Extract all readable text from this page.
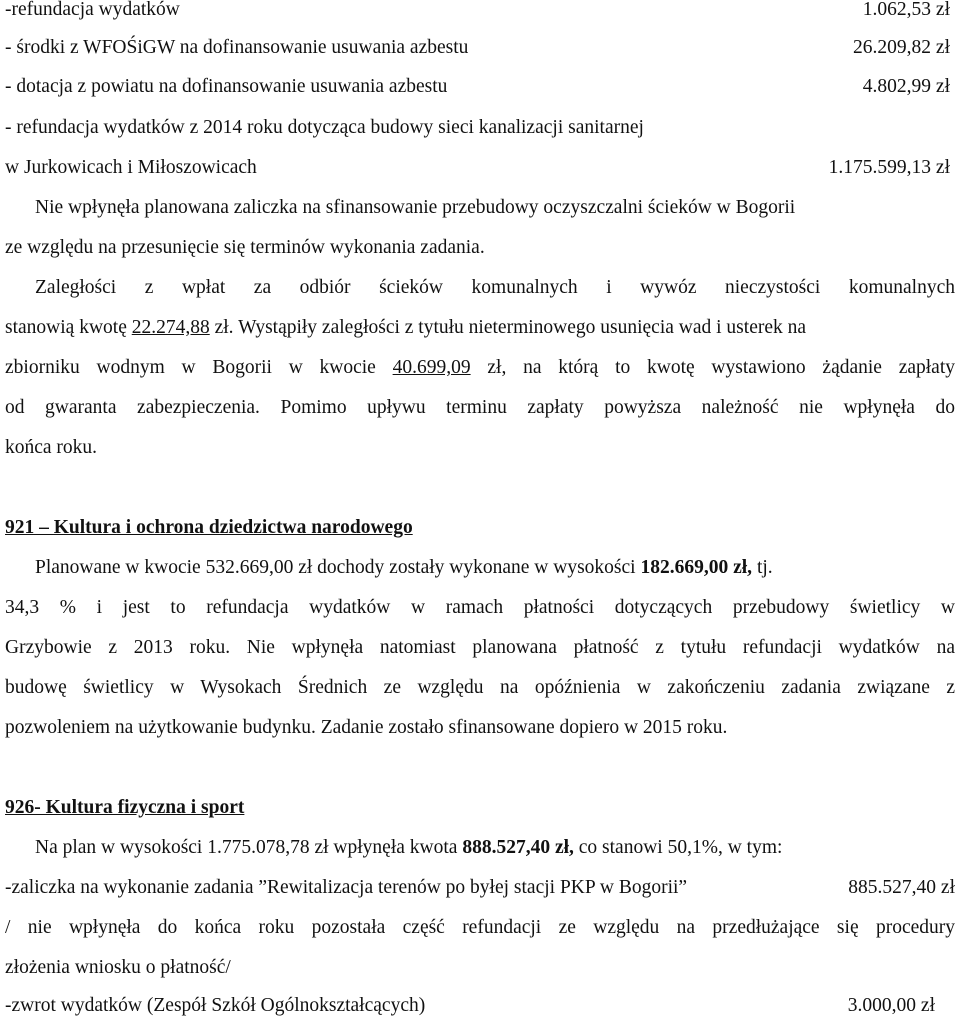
-refundacja wydatków	1.062,53 zł
- środki z WFOŚiGW na dofinansowanie usuwania azbestu	26.209,82 zł
- dotacja z powiatu na dofinansowanie usuwania azbestu	4.802,99 zł
- refundacja wydatków z 2014 roku dotycząca budowy sieci kanalizacji sanitarnej
w Jurkowicach i Miłoszowicach	1.175.599,13 zł
Nie wpłynęła planowana zaliczka na sfinansowanie przebudowy oczyszczalni ścieków w Bogorii
ze względu na przesunięcie się terminów wykonania zadania.
Zaległości z wpłat za odbiór ścieków komunalnych i wywóz nieczystości komunalnych
stanowią kwotę 22.274,88 zł. Wystąpiły zaległości z tytułu nieterminowego usunięcia wad i usterek na
zbiorniku wodnym w Bogorii w kwocie 40.699,09 zł, na którą to kwotę wystawiono żądanie zapłaty
od gwaranta zabezpieczenia. Pomimo upływu terminu zapłaty powyższa należność nie wpłynęła do
końca roku.
921 – Kultura i ochrona dziedzictwa narodowego
Planowane w kwocie 532.669,00 zł dochody zostały wykonane w wysokości 182.669,00 zł, tj.
34,3 % i jest to refundacja wydatków w ramach płatności dotyczących przebudowy świetlicy w
Grzybowie z 2013 roku. Nie wpłynęła natomiast planowana płatność z tytułu refundacji wydatków na
budowę świetlicy w Wysokach Średnich ze względu na opóźnienia w zakończeniu zadania związane z
pozwoleniem na użytkowanie budynku. Zadanie zostało sfinansowane dopiero w 2015 roku.
926- Kultura fizyczna i sport
Na plan w wysokości 1.775.078,78 zł wpłynęła kwota 888.527,40 zł, co stanowi 50,1%, w tym:
-zaliczka na wykonanie zadania ”Rewitalizacja terenów po byłej stacji PKP w Bogorii”	885.527,40 zł
/ nie wpłynęła do końca roku pozostała część refundacji ze względu na przedłużające się procedury
złożenia wniosku o płatność/
-zwrot wydatków (Zespół Szkół Ogólnokształcących)	3.000,00 zł
